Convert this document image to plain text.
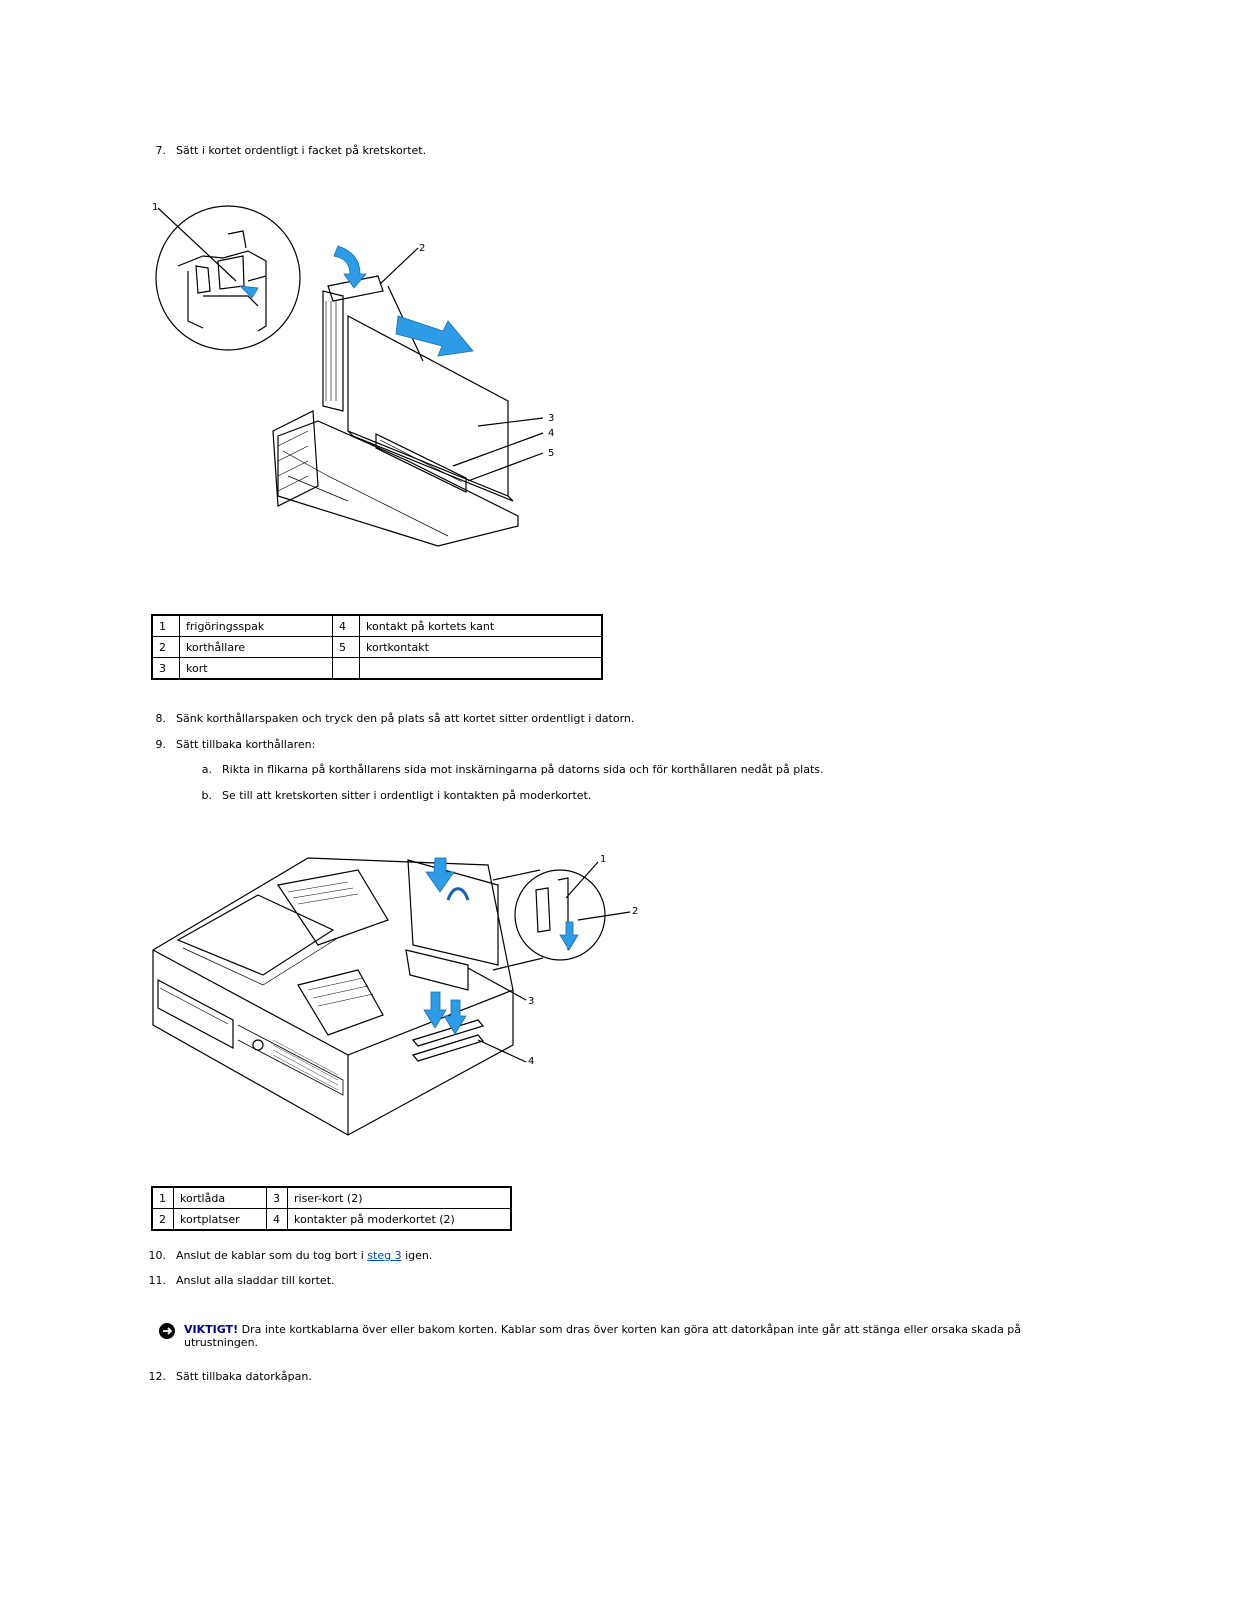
7. Sätt i kortet ordentligt i facket på kretskortet.
1
2
3
4
5
1	frigöringsspak	4	kontakt på kortets kant
2	korthållare	5	kortkontakt
3	kort		
8. Sänk korthållarspaken och tryck den på plats så att kortet sitter ordentligt i datorn.
9. Sätt tillbaka korthållaren:
a. Rikta in flikarna på korthållarens sida mot inskärningarna på datorns sida och för korthållaren nedåt på plats.
b. Se till att kretskorten sitter i ordentligt i kontakten på moderkortet.
1
2
3
4
1	kortlåda	3	riser-kort (2)
2	kortplatser	4	kontakter på moderkortet (2)
10. Anslut de kablar som du tog bort i steg 3 igen.
11. Anslut alla sladdar till kortet.
VIKTIGT! Dra inte kortkablarna över eller bakom korten. Kablar som dras över korten kan göra att datorkåpan inte går att stänga eller orsaka skada på
utrustningen.
12. Sätt tillbaka datorkåpan.
